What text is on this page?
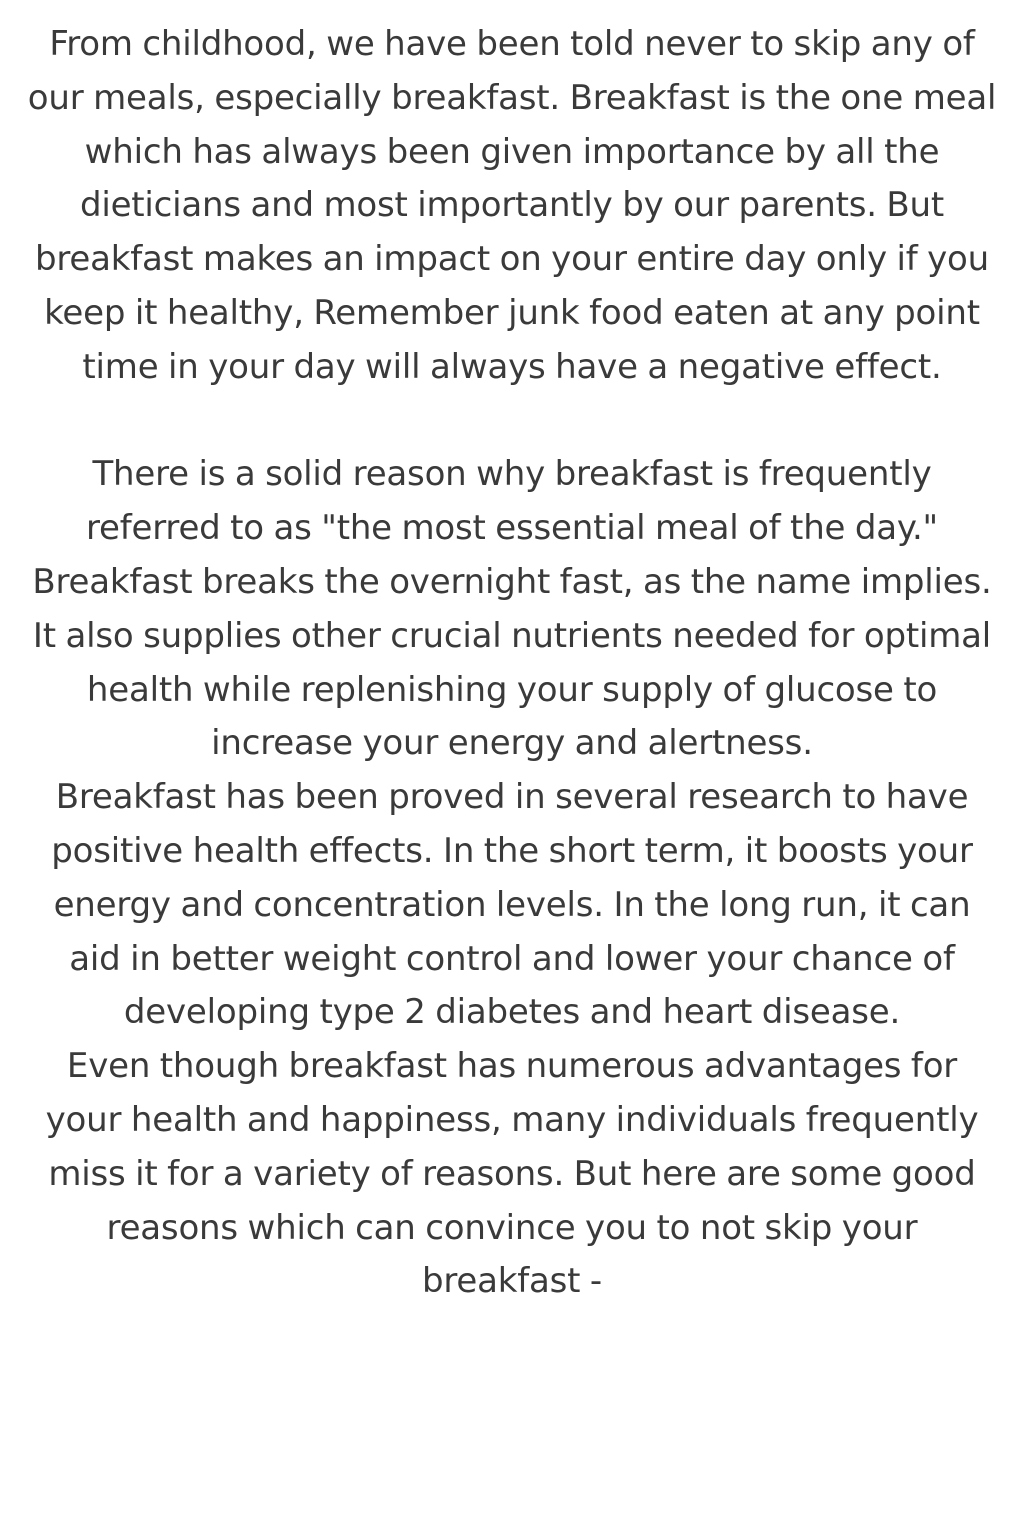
From childhood, we have been told never to skip any of our meals, especially breakfast. Breakfast is the one meal which has always been given importance by all the dieticians and most importantly by our parents. But breakfast makes an impact on your entire day only if you keep it healthy, Remember junk food eaten at any point time in your day will always have a negative effect.

There is a solid reason why breakfast is frequently referred to as "the most essential meal of the day." Breakfast breaks the overnight fast, as the name implies. It also supplies other crucial nutrients needed for optimal health while replenishing your supply of glucose to increase your energy and alertness.

Breakfast has been proved in several research to have positive health effects. In the short term, it boosts your energy and concentration levels. In the long run, it can aid in better weight control and lower your chance of developing type 2 diabetes and heart disease.

Even though breakfast has numerous advantages for your health and happiness, many individuals frequently miss it for a variety of reasons. But here are some good reasons which can convince you to not skip your breakfast -
